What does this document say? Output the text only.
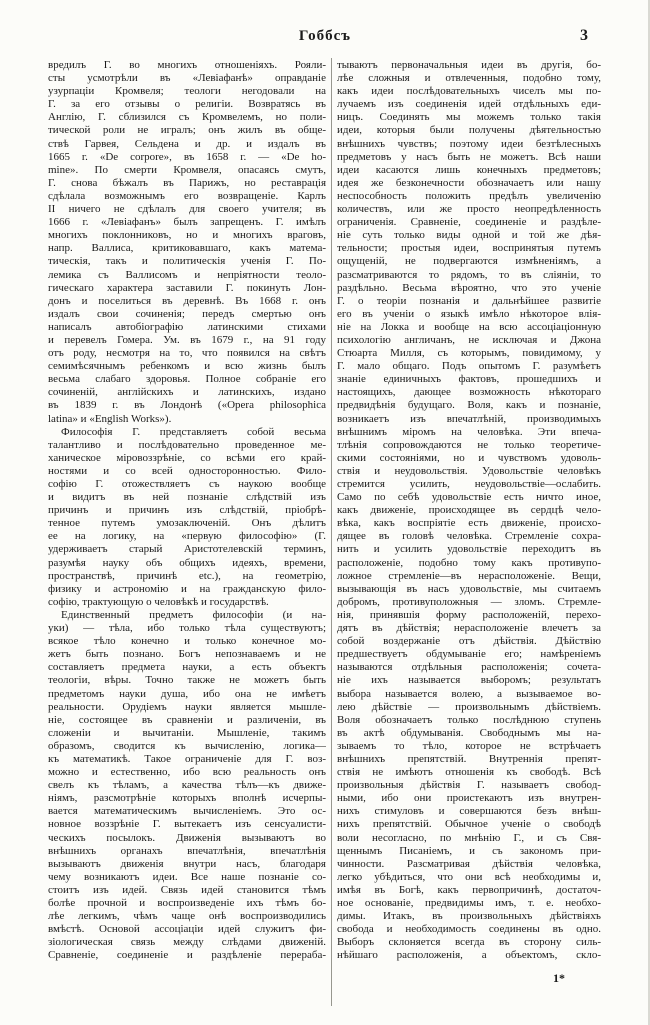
Гоббсъ	3
вредилъ Г. во многихъ отношеніяхъ. Рояли-
сты усмотрѣли въ «Левіафанѣ» оправданіе
узурпаціи Кромвеля; теологи негодовали на
Г. за его отзывы о религіи. Возвратясь въ
Англію, Г. сблизился съ Кромвелемъ, но поли-
тической роли не игралъ; онъ жилъ въ обще-
ствѣ Гарвея, Сельдена и др. и издалъ въ
1665 г. «De corpore», въ 1658 г. — «De ho-
mine». По смерти Кромвеля, опасаясь смутъ,
Г. снова бѣжалъ въ Парижъ, но реставрація
сдѣлала возможнымъ его возвращеніе. Карлъ
II ничего не сдѣлалъ для своего учителя; въ
1666 г. «Левіафанъ» былъ запрещенъ. Г. имѣлъ
многихъ поклонниковъ, но и многихъ враговъ,
напр. Валлиса, критиковавшаго, какъ матема-
тическія, такъ и политическія ученія Г. По-
лемика съ Валлисомъ и непріятности теоло-
гическаго характера заставили Г. покинуть Лон-
донъ и поселиться въ деревнѣ. Въ 1668 г. онъ
издалъ свои сочиненія; передъ смертью онъ
написалъ автобіографію латинскими стихами
и перевелъ Гомера. Ум. въ 1679 г., на 91 году
отъ роду, несмотря на то, что появился на свѣтъ
семимѣсячнымъ ребенкомъ и всю жизнь былъ
весьма слабаго здоровья. Полное собраніе его
сочиненій, англійскихъ и латинскихъ, издано
въ 1839 г. въ Лондонѣ («Opera philosophica
latina» и «English Works»).
Философія Г. представляетъ собой весьма
талантливо и послѣдовательно проведенное ме-
ханическое міровоззрѣніе, со всѣми его край-
ностями и со всей односторонностью. Фило-
софію Г. отожествляетъ съ наукою вообще
и видитъ въ ней познаніе слѣдствій изъ
причинъ и причинъ изъ слѣдствій, пріобрѣ-
тенное путемъ умозаключеній. Онъ дѣлитъ
ее на логику, на «первую философію» (Г.
удерживаетъ старый Аристотелевскій терминъ,
разумѣя науку объ общихъ идеяхъ, времени,
пространствѣ, причинѣ etc.), на геометрію,
физику и астрономію и на гражданскую фило-
софію, трактующую о человѣкѣ и государствѣ.
Единственный предметъ философіи (и на-
уки) — тѣла, ибо только тѣла существуютъ;
всякое тѣло конечно и только конечное мо-
жетъ быть познано. Богъ непознаваемъ и не
составляетъ предмета науки, а есть объектъ
теологіи, вѣры. Точно также не можетъ быть
предметомъ науки душа, ибо она не имѣетъ
реальности. Орудіемъ науки является мышле-
ніе, состоящее въ сравненіи и различеніи, въ
сложеніи и вычитаніи. Мышленіе, такимъ
образомъ, сводится къ вычисленію, логика—
къ математикѣ. Такое ограниченіе для Г. воз-
можно и естественно, ибо всю реальность онъ
свелъ къ тѣламъ, а качества тѣлъ—къ движе-
ніямъ, разсмотрѣніе которыхъ вполнѣ исчерпы-
вается математическимъ вычисленіемъ. Это ос-
новное воззрѣніе Г. вытекаетъ изъ сенсуалисти-
ческихъ посылокъ. Движенія вызываютъ во
внѣшнихъ органахъ впечатлѣнія, впечатлѣнія
вызываютъ движенія внутри насъ, благодаря
чему возникаютъ идеи. Все наше познаніе со-
стоитъ изъ идей. Связь идей становится тѣмъ
болѣе прочной и воспроизведеніе ихъ тѣмъ бо-
лѣе легкимъ, чѣмъ чаще онѣ воспроизводились
вмѣстѣ. Основой ассоціаціи идей служитъ фи-
зіологическая связь между слѣдами движеній.
Сравненіе, соединеніе и раздѣленіе перераба-
тываютъ первоначальныя идеи въ другія, бо-
лѣе сложныя и отвлеченныя, подобно тому,
какъ идеи послѣдовательныхъ чиселъ мы по-
лучаемъ изъ соединенія идей отдѣльныхъ еди-
ницъ. Соединять мы можемъ только такія
идеи, которыя были получены дѣятельностью
внѣшнихъ чувствъ; поэтому идеи безтѣлесныхъ
предметовъ у насъ быть не можетъ. Всѣ наши
идеи касаются лишь конечныхъ предметовъ;
идея же безконечности обозначаетъ или нашу
неспособность положить предѣлъ увеличенію
количествъ, или же просто неопредѣленность
ограниченія. Сравненіе, соединеніе и раздѣле-
ніе суть только виды одной и той же дѣя-
тельности; простыя идеи, воспринятыя путемъ
ощущеній, не подвергаются измѣненіямъ, а
разсматриваются то рядомъ, то въ сліяніи, то
раздѣльно. Весьма вѣроятно, что это ученіе
Г. о теоріи познанія и дальнѣйшее развитіе
его въ ученіи о языкѣ имѣло нѣкоторое влія-
ніе на Локка и вообще на всю ассоціаціонную
психологію англичанъ, не исключая и Джона
Стюарта Милля, съ которымъ, повидимому, у
Г. мало общаго. Подъ опытомъ Г. разумѣетъ
знаніе единичныхъ фактовъ, прошедшихъ и
настоящихъ, дающее возможность нѣкотораго
предвидѣнія будущаго. Воля, какъ и познаніе,
возникаетъ изъ впечатлѣній, производимыхъ
внѣшнимъ міромъ на человѣка. Эти впеча-
тлѣнія сопровождаются не только теоретиче-
скими состояніями, но и чувствомъ удоволь-
ствія и неудовольствія. Удовольствіе человѣкъ
стремится усилить, неудовольствіе—ослабить.
Само по себѣ удовольствіе есть ничто иное,
какъ движеніе, происходящее въ сердцѣ чело-
вѣка, какъ воспріятіе есть движеніе, происхо-
дящее въ головѣ человѣка. Стремленіе сохра-
нить и усилить удовольствіе переходитъ въ
расположеніе, подобно тому какъ противупо-
ложное стремленіе—въ нерасположеніе. Вещи,
вызывающія въ насъ удовольствіе, мы считаемъ
добромъ, противуположныя — зломъ. Стремле-
нія, принявшія форму расположеній, перехо-
дятъ въ дѣйствія; нерасположеніе влечетъ за
собой воздержаніе отъ дѣйствія. Дѣйствію
предшествуетъ обдумываніе его; намѣреніемъ
называются отдѣльныя расположенія; сочета-
ніе ихъ называется выборомъ; результатъ
выбора называется волею, а вызываемое во-
лею дѣйствіе — произвольнымъ дѣйствіемъ.
Воля обозначаетъ только послѣднюю ступень
въ актѣ обдумыванія. Свободнымъ мы на-
зываемъ то тѣло, которое не встрѣчаетъ
внѣшнихъ препятствій. Внутреннія препят-
ствія не имѣютъ отношенія къ свободѣ. Всѣ
произвольныя дѣйствія Г. называетъ свобод-
ными, ибо они проистекаютъ изъ внутрен-
нихъ стимуловъ и совершаются безъ внѣш-
нихъ препятствій. Обычное ученіе о свободѣ
воли несогласно, по мнѣнію Г., и съ Свя-
щеннымъ Писаніемъ, и съ закономъ при-
чинности. Разсматривая дѣйствія человѣка,
легко убѣдиться, что они всѣ необходимы и,
имѣя въ Богѣ, какъ первопричинѣ, достаточ-
ное основаніе, предвидимы имъ, т. е. необхо-
димы. Итакъ, въ произвольныхъ дѣйствіяхъ
свобода и необходимость соединены въ одно.
Выборъ склоняется всегда въ сторону силь-
нѣйшаго расположенія, а объектомъ, скло-
1*
